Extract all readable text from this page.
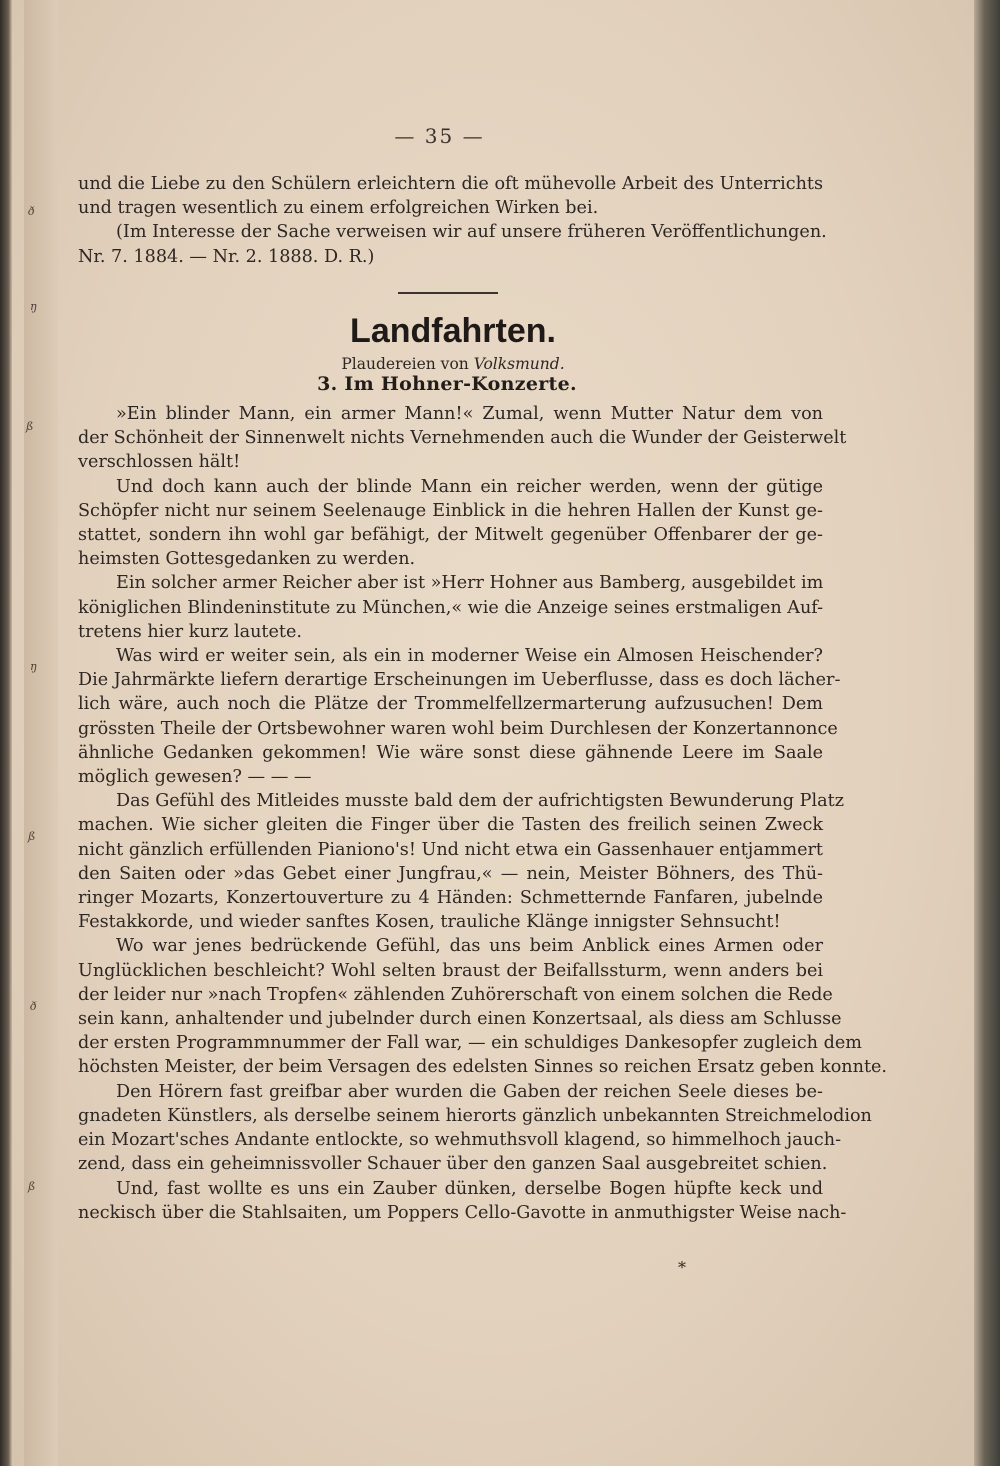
ð
ŋ
ß
ŋ
ß
ð
ß
— 35 —
und die Liebe zu den Schülern erleichtern die oft mühevolle Arbeit des Unterrichts
und tragen wesentlich zu einem erfolgreichen Wirken bei.
(Im Interesse der Sache verweisen wir auf unsere früheren Veröffentlichungen.
Nr. 7. 1884. — Nr. 2. 1888. D. R.)
Landfahrten.
Plaudereien von Volksmund.
3. Im Hohner-Konzerte.
»Ein blinder Mann, ein armer Mann!« Zumal, wenn Mutter Natur dem von
der Schönheit der Sinnenwelt nichts Vernehmenden auch die Wunder der Geisterwelt
verschlossen hält!
Und doch kann auch der blinde Mann ein reicher werden, wenn der gütige
Schöpfer nicht nur seinem Seelenauge Einblick in die hehren Hallen der Kunst ge-
stattet, sondern ihn wohl gar befähigt, der Mitwelt gegenüber Offenbarer der ge-
heimsten Gottesgedanken zu werden.
Ein solcher armer Reicher aber ist »Herr Hohner aus Bamberg, ausgebildet im
königlichen Blindeninstitute zu München,« wie die Anzeige seines erstmaligen Auf-
tretens hier kurz lautete.
Was wird er weiter sein, als ein in moderner Weise ein Almosen Heischender?
Die Jahrmärkte liefern derartige Erscheinungen im Ueberflusse, dass es doch lächer-
lich wäre, auch noch die Plätze der Trommelfellzermarterung aufzusuchen! Dem
grössten Theile der Ortsbewohner waren wohl beim Durchlesen der Konzertannonce
ähnliche Gedanken gekommen! Wie wäre sonst diese gähnende Leere im Saale
möglich gewesen? — — —
Das Gefühl des Mitleides musste bald dem der aufrichtigsten Bewunderung Platz
machen. Wie sicher gleiten die Finger über die Tasten des freilich seinen Zweck
nicht gänzlich erfüllenden Pianiono's! Und nicht etwa ein Gassenhauer entjammert
den Saiten oder »das Gebet einer Jungfrau,« — nein, Meister Böhners, des Thü-
ringer Mozarts, Konzertouverture zu 4 Händen: Schmetternde Fanfaren, jubelnde
Festakkorde, und wieder sanftes Kosen, trauliche Klänge innigster Sehnsucht!
Wo war jenes bedrückende Gefühl, das uns beim Anblick eines Armen oder
Unglücklichen beschleicht? Wohl selten braust der Beifallssturm, wenn anders bei
der leider nur »nach Tropfen« zählenden Zuhörerschaft von einem solchen die Rede
sein kann, anhaltender und jubelnder durch einen Konzertsaal, als diess am Schlusse
der ersten Programmnummer der Fall war, — ein schuldiges Dankesopfer zugleich dem
höchsten Meister, der beim Versagen des edelsten Sinnes so reichen Ersatz geben konnte.
Den Hörern fast greifbar aber wurden die Gaben der reichen Seele dieses be-
gnadeten Künstlers, als derselbe seinem hierorts gänzlich unbekannten Streichmelodion
ein Mozart'sches Andante entlockte, so wehmuthsvoll klagend, so himmelhoch jauch-
zend, dass ein geheimnissvoller Schauer über den ganzen Saal ausgebreitet schien.
Und, fast wollte es uns ein Zauber dünken, derselbe Bogen hüpfte keck und
neckisch über die Stahlsaiten, um Poppers Cello-Gavotte in anmuthigster Weise nach-
*
